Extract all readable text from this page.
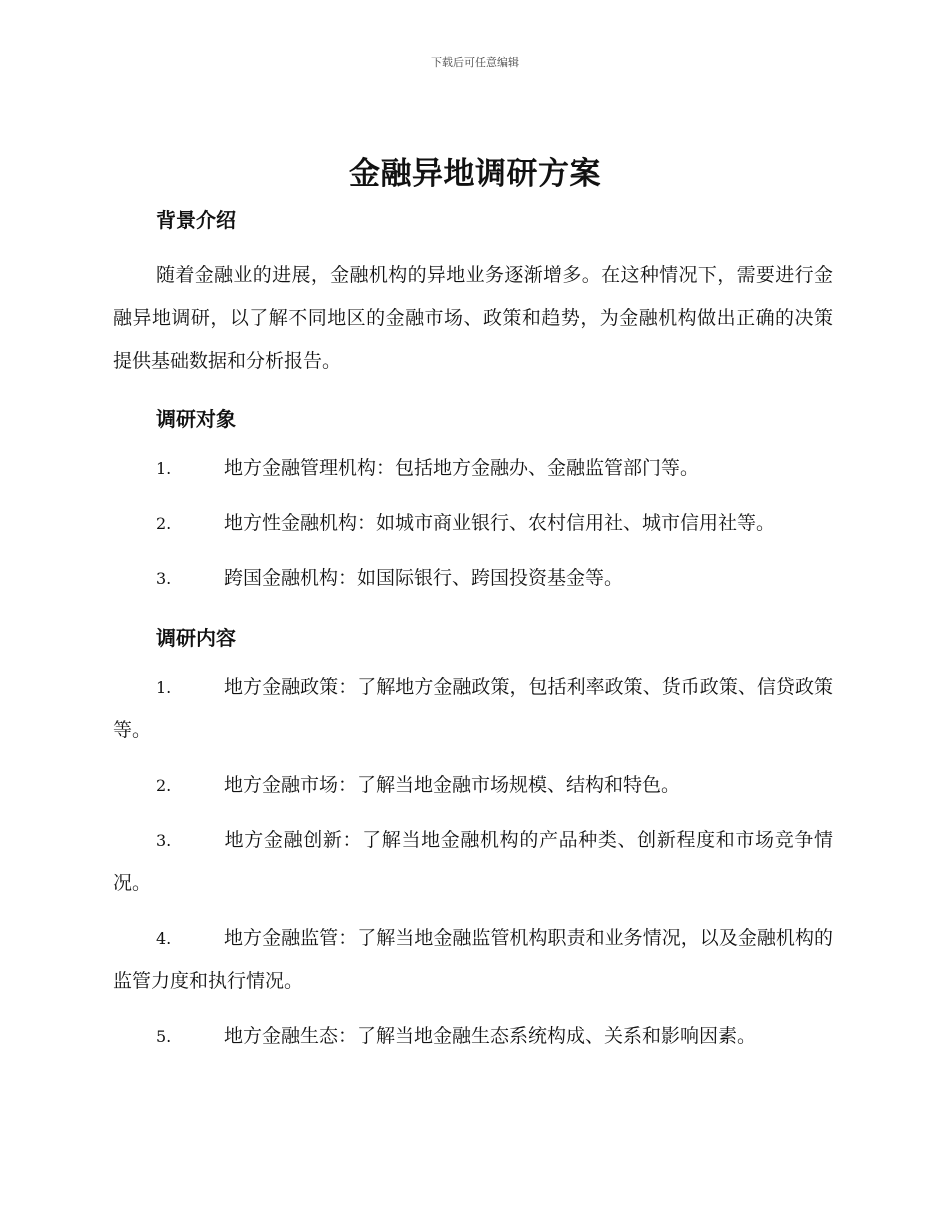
下载后可任意编辑
金融异地调研方案
背景介绍

随着金融业的进展，金融机构的异地业务逐渐增多。在这种情况下，需要进行金融异地调研，以了解不同地区的金融市场、政策和趋势，为金融机构做出正确的决策提供基础数据和分析报告。

调研对象
1.	地方金融管理机构：包括地方金融办、金融监管部门等。
2.	地方性金融机构：如城市商业银行、农村信用社、城市信用社等。
3.	跨国金融机构：如国际银行、跨国投资基金等。
调研内容
1.	地方金融政策：了解地方金融政策，包括利率政策、货币政策、信贷政策等。
2.	地方金融市场：了解当地金融市场规模、结构和特色。
3.	地方金融创新：了解当地金融机构的产品种类、创新程度和市场竞争情况。
4.	地方金融监管：了解当地金融监管机构职责和业务情况，以及金融机构的监管力度和执行情况。
5.	地方金融生态：了解当地金融生态系统构成、关系和影响因素。
